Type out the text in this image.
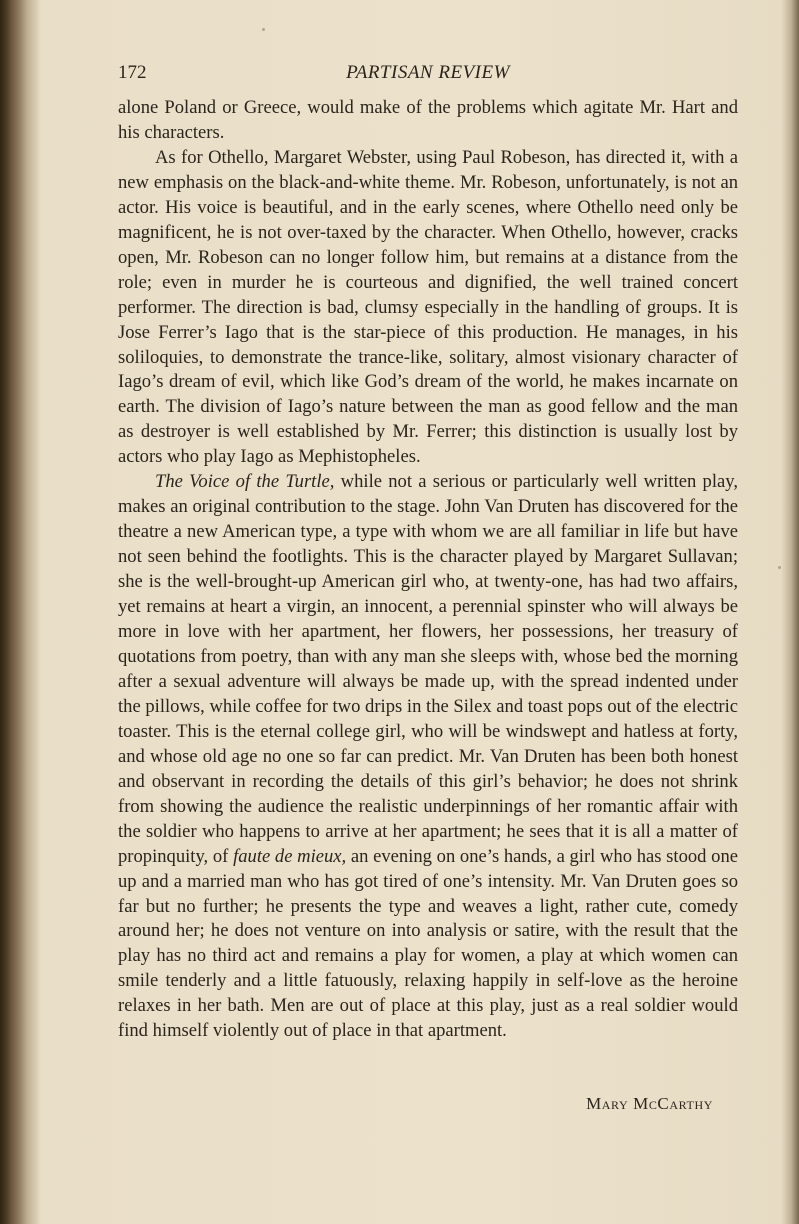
172	PARTISAN REVIEW

alone Poland or Greece, would make of the problems which agitate Mr. Hart and his characters.

As for Othello, Margaret Webster, using Paul Robeson, has directed it, with a new emphasis on the black-and-white theme. Mr. Robeson, unfortunately, is not an actor. His voice is beautiful, and in the early scenes, where Othello need only be magnificent, he is not over-taxed by the character. When Othello, however, cracks open, Mr. Robeson can no longer follow him, but remains at a distance from the role; even in murder he is courteous and dignified, the well trained concert performer. The direction is bad, clumsy especially in the handling of groups. It is Jose Ferrer’s Iago that is the star-piece of this production. He manages, in his soliloquies, to demonstrate the trance-like, solitary, almost visionary character of Iago’s dream of evil, which like God’s dream of the world, he makes incarnate on earth. The division of Iago’s nature between the man as good fellow and the man as destroyer is well established by Mr. Ferrer; this distinction is usually lost by actors who play Iago as Mephistopheles.

The Voice of the Turtle, while not a serious or particularly well written play, makes an original contribution to the stage. John Van Druten has discovered for the theatre a new American type, a type with whom we are all familiar in life but have not seen behind the footlights. This is the character played by Margaret Sullavan; she is the well-brought-up American girl who, at twenty-one, has had two affairs, yet remains at heart a virgin, an innocent, a perennial spinster who will always be more in love with her apartment, her flowers, her possessions, her treasury of quotations from poetry, than with any man she sleeps with, whose bed the morning after a sexual adventure will always be made up, with the spread indented under the pillows, while coffee for two drips in the Silex and toast pops out of the electric toaster. This is the eternal college girl, who will be windswept and hatless at forty, and whose old age no one so far can predict. Mr. Van Druten has been both honest and observant in recording the details of this girl’s behavior; he does not shrink from showing the audience the realistic underpinnings of her romantic affair with the soldier who happens to arrive at her apartment; he sees that it is all a matter of propinquity, of faute de mieux, an evening on one’s hands, a girl who has stood one up and a married man who has got tired of one’s intensity. Mr. Van Druten goes so far but no further; he presents the type and weaves a light, rather cute, comedy around her; he does not venture on into analysis or satire, with the result that the play has no third act and remains a play for women, a play at which women can smile tenderly and a little fatuously, relaxing happily in self-love as the heroine relaxes in her bath. Men are out of place at this play, just as a real soldier would find himself violently out of place in that apartment.

Mary McCarthy
